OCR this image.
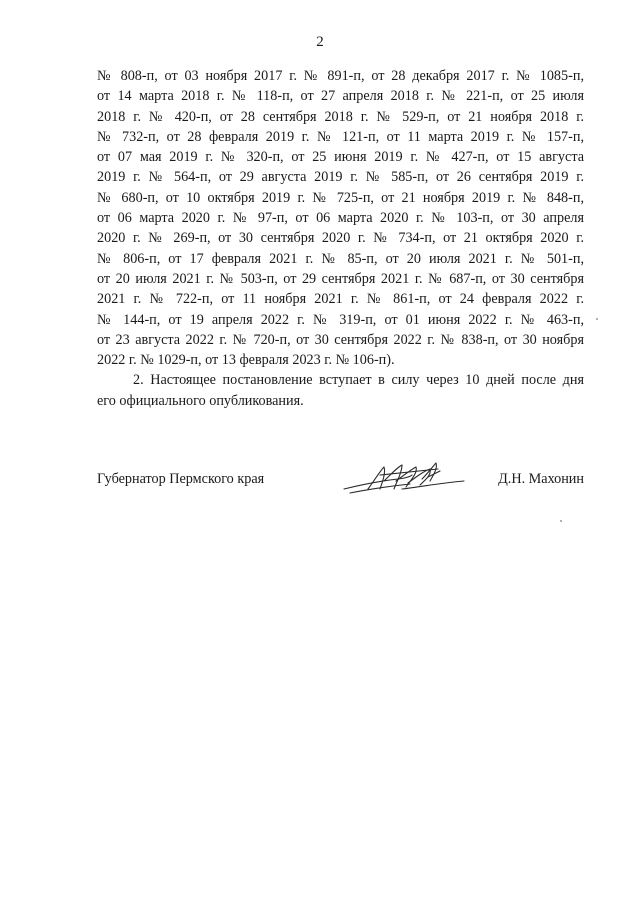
2
№ 808-п, от 03 ноября 2017 г. № 891-п, от 28 декабря 2017 г. № 1085-п,
от 14 марта 2018 г. № 118-п, от 27 апреля 2018 г. № 221-п, от 25 июля
2018 г. № 420-п, от 28 сентября 2018 г. № 529-п, от 21 ноября 2018 г.
№ 732-п, от 28 февраля 2019 г. № 121-п, от 11 марта 2019 г. № 157-п,
от 07 мая 2019 г. № 320-п, от 25 июня 2019 г. № 427-п, от 15 августа
2019 г. № 564-п, от 29 августа 2019 г. № 585-п, от 26 сентября 2019 г.
№ 680-п, от 10 октября 2019 г. № 725-п, от 21 ноября 2019 г. № 848-п,
от 06 марта 2020 г. № 97-п, от 06 марта 2020 г. № 103-п, от 30 апреля
2020 г. № 269-п, от 30 сентября 2020 г. № 734-п, от 21 октября 2020 г.
№ 806-п, от 17 февраля 2021 г. № 85-п, от 20 июля 2021 г. № 501-п,
от 20 июля 2021 г. № 503-п, от 29 сентября 2021 г. № 687-п, от 30 сентября
2021 г. № 722-п, от 11 ноября 2021 г. № 861-п, от 24 февраля 2022 г.
№ 144-п, от 19 апреля 2022 г. № 319-п, от 01 июня 2022 г. № 463-п,
от 23 августа 2022 г. № 720-п, от 30 сентября 2022 г. № 838-п, от 30 ноября
2022 г. № 1029-п, от 13 февраля 2023 г. № 106-п).
2. Настоящее постановление вступает в силу через 10 дней после дня
его официального опубликования.
Губернатор Пермского края	Д.Н. Махонин
